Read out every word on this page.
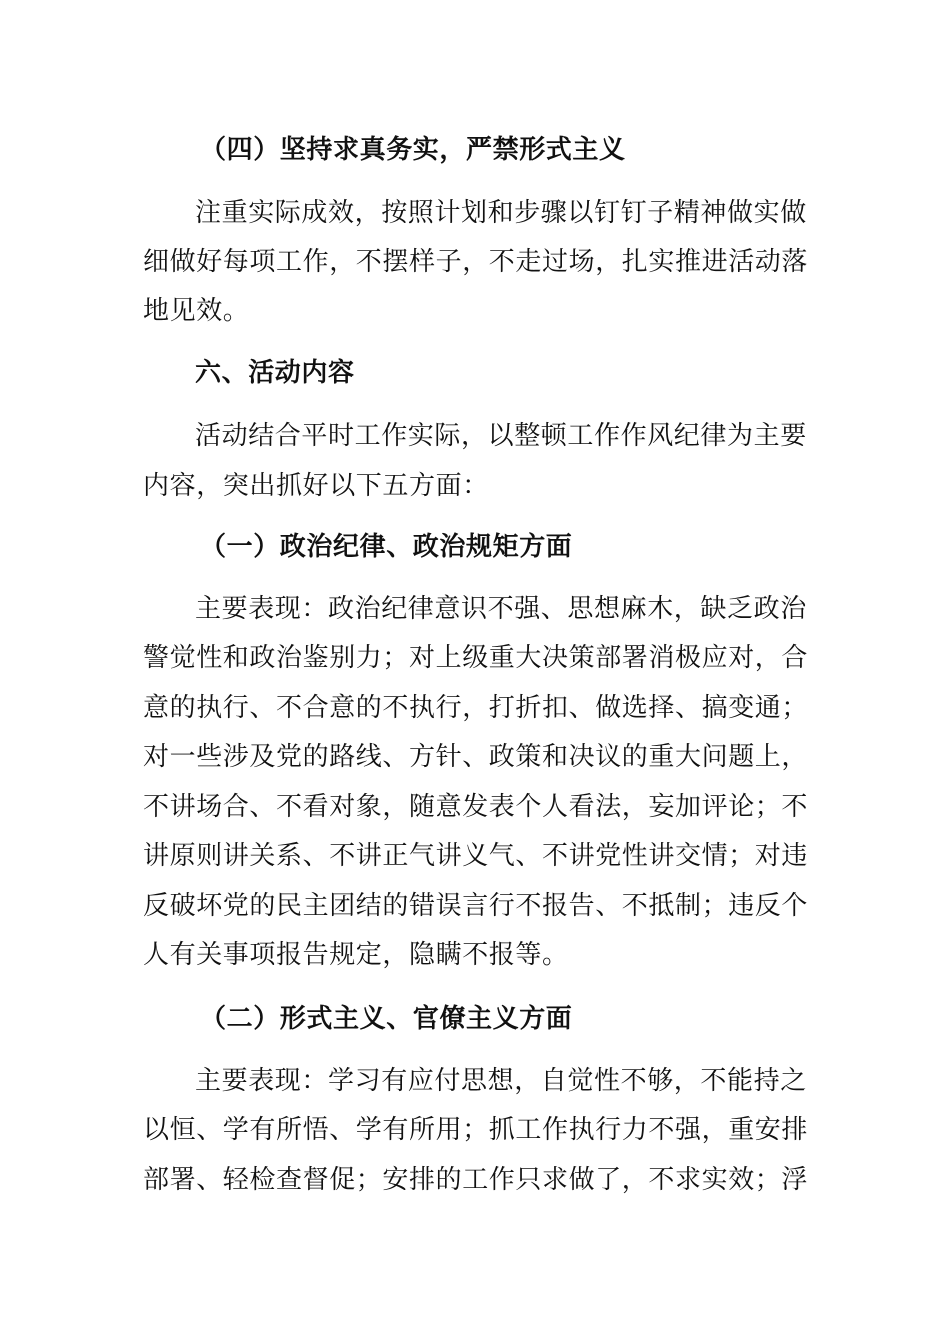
（四）坚持求真务实，严禁形式主义
注重实际成效，按照计划和步骤以钉钉子精神做实做
细做好每项工作，不摆样子，不走过场，扎实推进活动落
地见效。
六、活动内容
活动结合平时工作实际，以整顿工作作风纪律为主要
内容，突出抓好以下五方面：
（一）政治纪律、政治规矩方面
主要表现：政治纪律意识不强、思想麻木，缺乏政治
警觉性和政治鉴别力；对上级重大决策部署消极应对，合
意的执行、不合意的不执行，打折扣、做选择、搞变通；
对一些涉及党的路线、方针、政策和决议的重大问题上，
不讲场合、不看对象，随意发表个人看法，妄加评论；不
讲原则讲关系、不讲正气讲义气、不讲党性讲交情；对违
反破坏党的民主团结的错误言行不报告、不抵制；违反个
人有关事项报告规定，隐瞒不报等。
（二）形式主义、官僚主义方面
主要表现：学习有应付思想，自觉性不够，不能持之
以恒、学有所悟、学有所用；抓工作执行力不强，重安排
部署、轻检查督促；安排的工作只求做了，不求实效；浮
